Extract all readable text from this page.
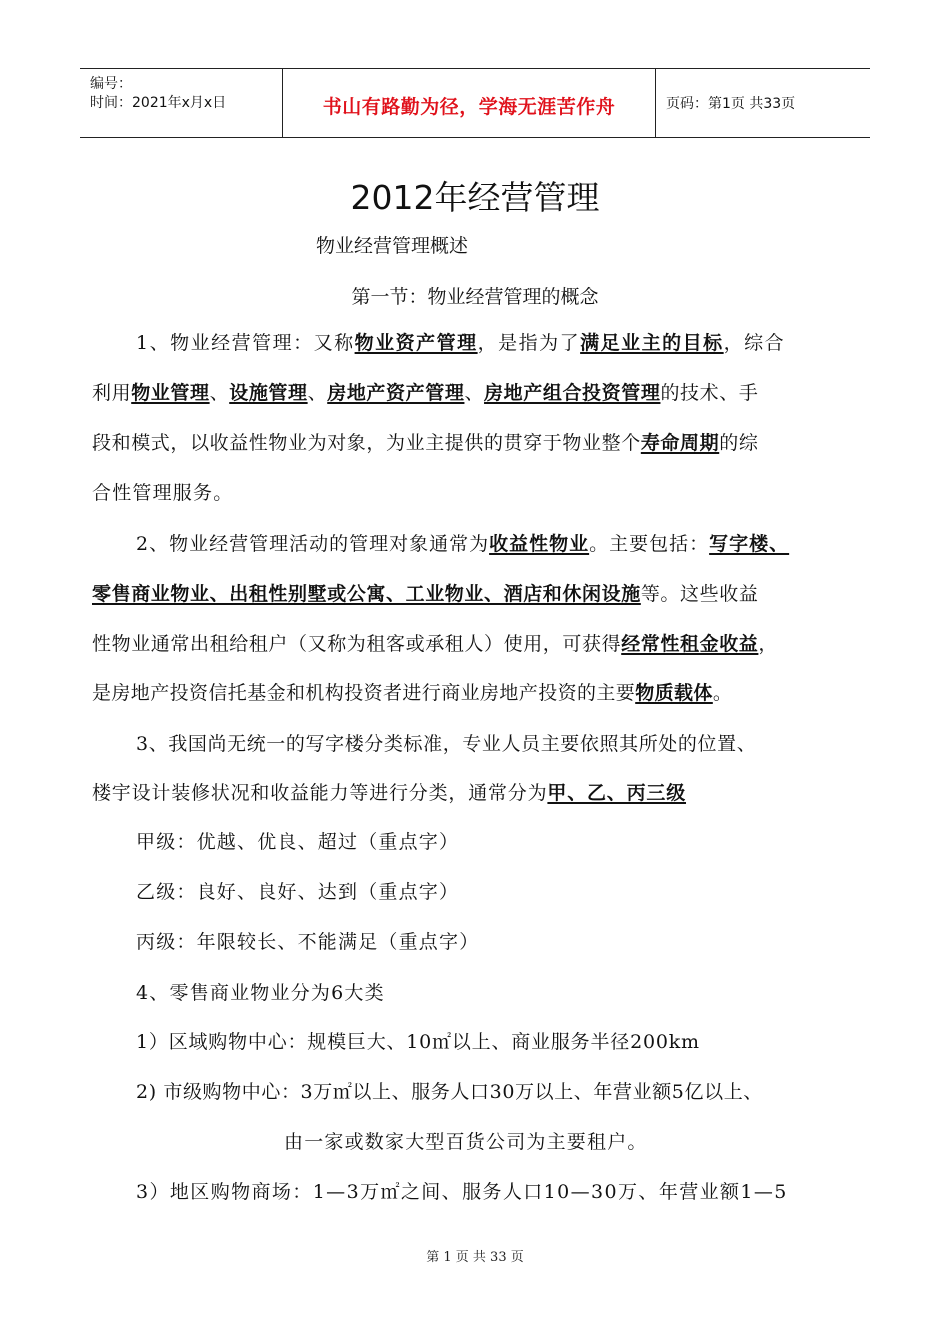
编号：
时间：2021年x月x日	书山有路勤为径，学海无涯苦作舟	页码：第1页 共33页
2012年经营管理
物业经营管理概述
第一节：物业经营管理的概念
1、物业经营管理：又称物业资产管理，是指为了满足业主的目标，综合
利用物业管理、设施管理、房地产资产管理、房地产组合投资管理的技术、手
段和模式，以收益性物业为对象，为业主提供的贯穿于物业整个寿命周期的综
合性管理服务。
2、物业经营管理活动的管理对象通常为收益性物业。主要包括：写字楼、
零售商业物业、出租性别墅或公寓、工业物业、酒店和休闲设施等。这些收益
性物业通常出租给租户（又称为租客或承租人）使用，可获得经常性租金收益，
是房地产投资信托基金和机构投资者进行商业房地产投资的主要物质载体。
3、我国尚无统一的写字楼分类标准，专业人员主要依照其所处的位置、
楼宇设计装修状况和收益能力等进行分类，通常分为甲、乙、丙三级
甲级：优越、优良、超过（重点字）
乙级：良好、良好、达到（重点字）
丙级：年限较长、不能满足（重点字）
4、零售商业物业分为6大类
1）区域购物中心：规模巨大、10㎡以上、商业服务半径200km
2) 市级购物中心：3万㎡以上、服务人口30万以上、年营业额5亿以上、
由一家或数家大型百货公司为主要租户。
3）地区购物商场：1—3万㎡之间、服务人口10—30万、年营业额1—5
第 1 页 共 33 页
